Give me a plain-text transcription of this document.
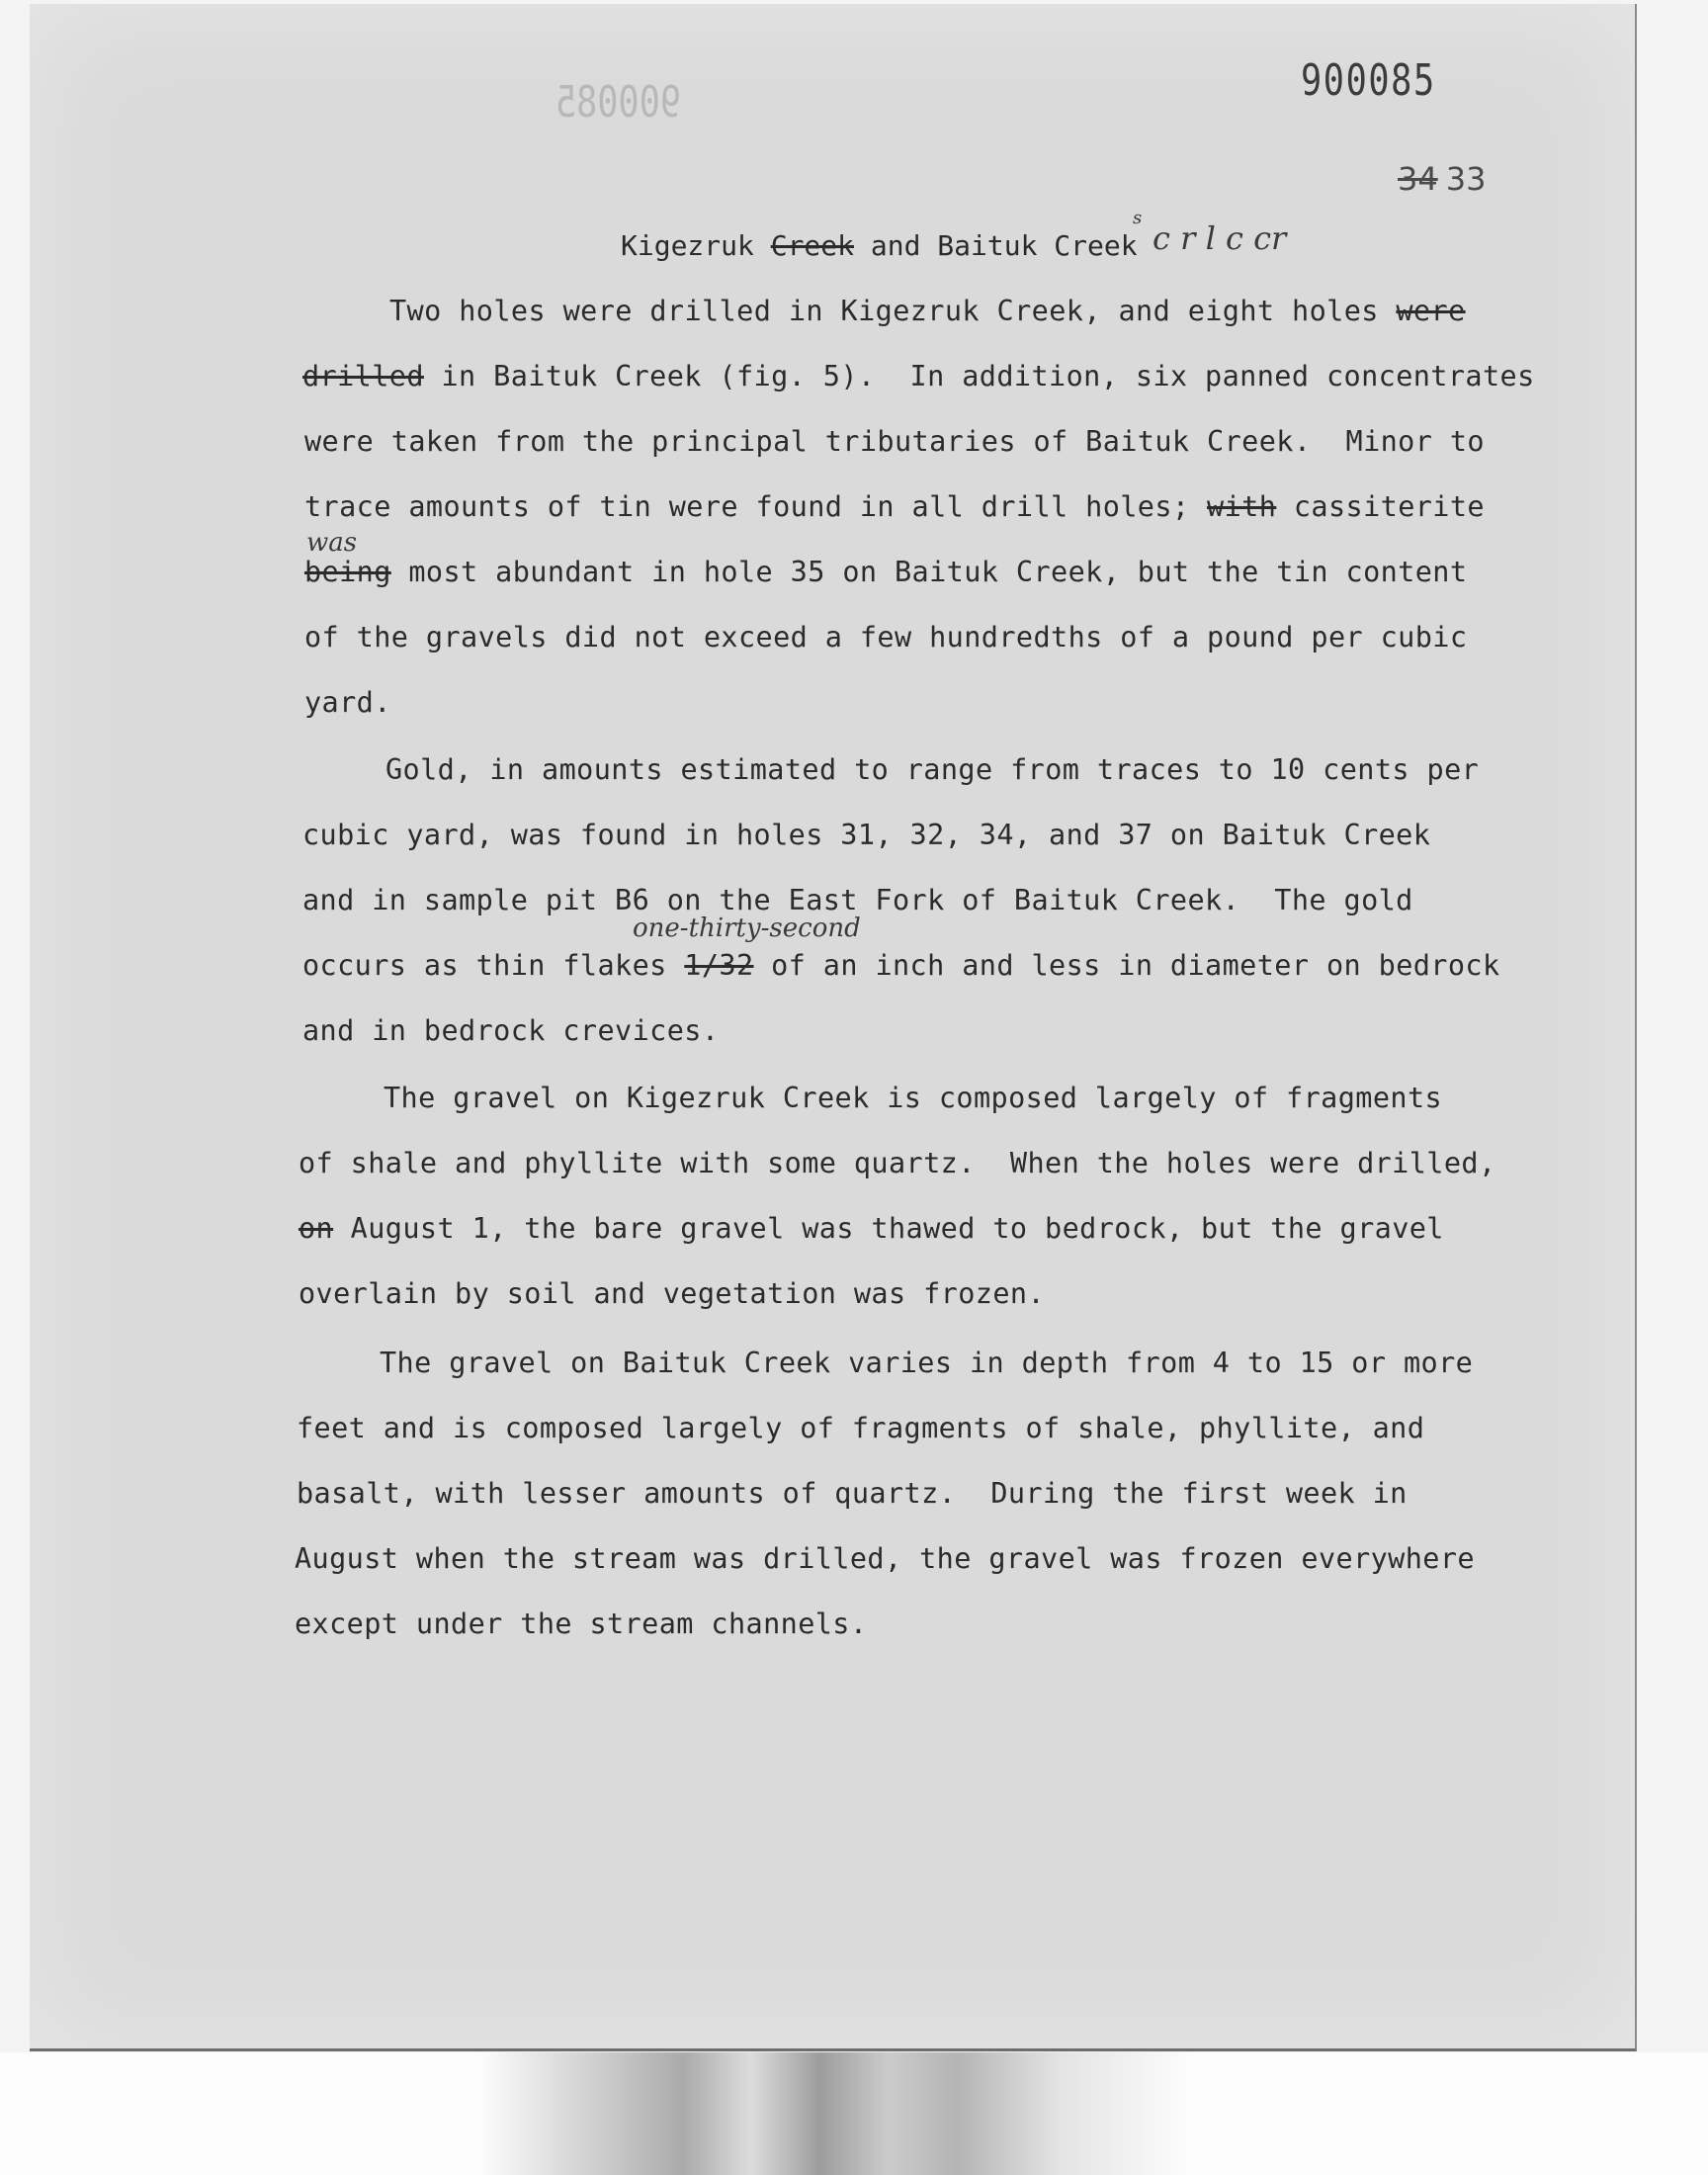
900085	900085
34 33
Kigezruk Creek and Baituk Creek c r l c cr
s
Two holes were drilled in Kigezruk Creek, and eight holes were
drilled in Baituk Creek (fig. 5).  In addition, six panned concentrates
were taken from the principal tributaries of Baituk Creek.  Minor to
trace amounts of tin were found in all drill holes; with cassiterite
was
being most abundant in hole 35 on Baituk Creek, but the tin content
of the gravels did not exceed a few hundredths of a pound per cubic
yard.
Gold, in amounts estimated to range from traces to 10 cents per
cubic yard, was found in holes 31, 32, 34, and 37 on Baituk Creek
and in sample pit B6 on the East Fork of Baituk Creek.  The gold
one-thirty-second
occurs as thin flakes 1/32 of an inch and less in diameter on bedrock
and in bedrock crevices.
The gravel on Kigezruk Creek is composed largely of fragments
of shale and phyllite with some quartz.  When the holes were drilled,
on August 1, the bare gravel was thawed to bedrock, but the gravel
overlain by soil and vegetation was frozen.
The gravel on Baituk Creek varies in depth from 4 to 15 or more
feet and is composed largely of fragments of shale, phyllite, and
basalt, with lesser amounts of quartz.  During the first week in
August when the stream was drilled, the gravel was frozen everywhere
except under the stream channels.
